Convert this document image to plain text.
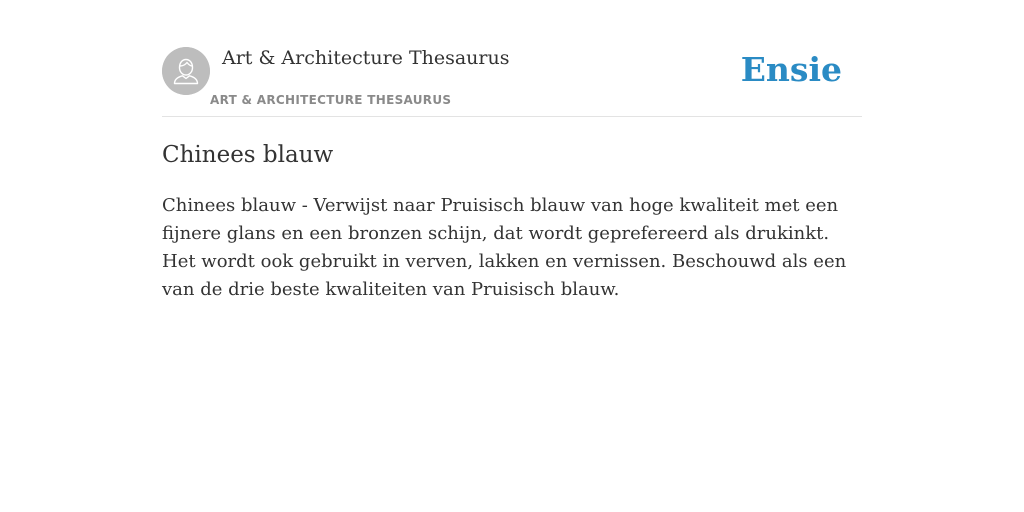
Art & Architecture Thesaurus
ART & ARCHITECTURE THESAURUS
Ensie
Chinees blauw

Chinees blauw - Verwijst naar Pruisisch blauw van hoge kwaliteit met een fijnere glans en een bronzen schijn, dat wordt geprefereerd als drukinkt. Het wordt ook gebruikt in verven, lakken en vernissen. Beschouwd als een van de drie beste kwaliteiten van Pruisisch blauw.
